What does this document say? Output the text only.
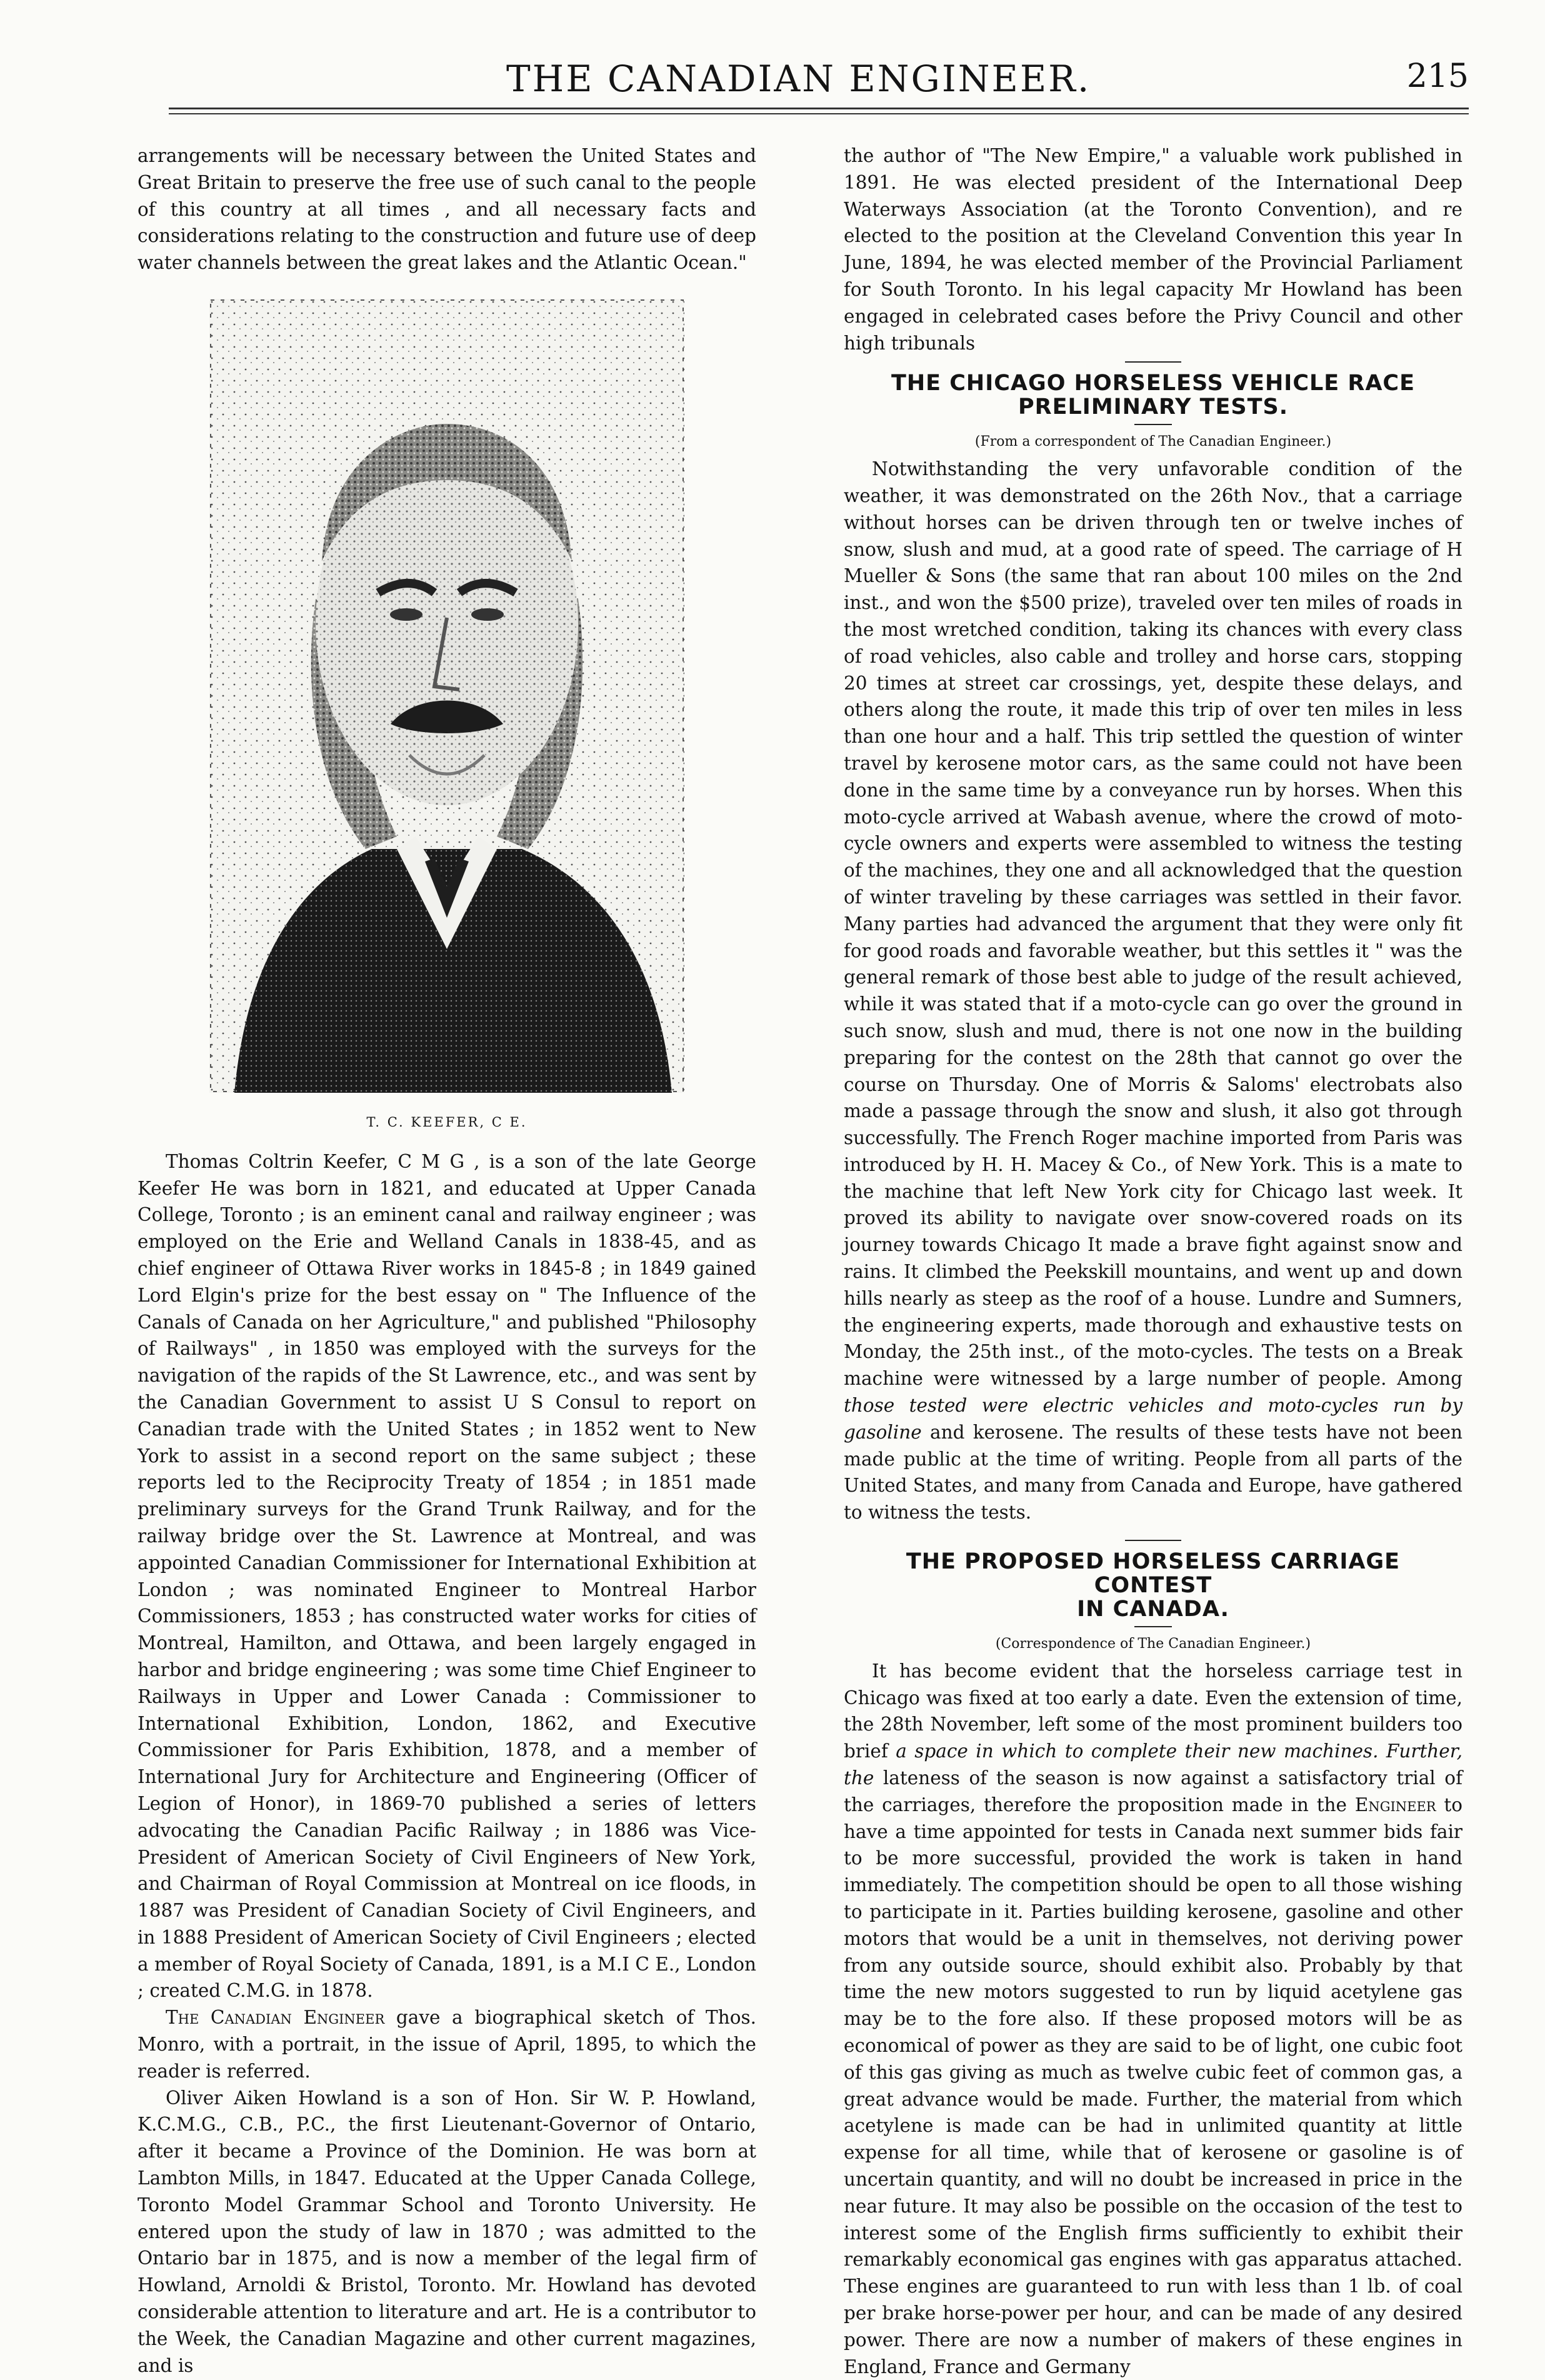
THE CANADIAN ENGINEER.	215

arrangements will be necessary between the United States and Great Britain to preserve the free use of such canal to the people of this country at all times , and all necessary facts and considerations relating to the construction and future use of deep water channels between the great lakes and the Atlantic Ocean."

T. C. KEEFER, C E.

Thomas Coltrin Keefer, C M G , is a son of the late George Keefer He was born in 1821, and educated at Upper Canada College, Toronto ; is an eminent canal and railway engineer ; was employed on the Erie and Welland Canals in 1838-45, and as chief engineer of Ottawa River works in 1845-8 ; in 1849 gained Lord Elgin's prize for the best essay on " The Influence of the Canals of Canada on her Agriculture," and published "Philosophy of Railways" , in 1850 was employed with the surveys for the navigation of the rapids of the St Lawrence, etc., and was sent by the Canadian Government to assist U S Consul to report on Canadian trade with the United States ; in 1852 went to New York to assist in a second report on the same subject ; these reports led to the Reciprocity Treaty of 1854 ; in 1851 made preliminary surveys for the Grand Trunk Railway, and for the railway bridge over the St. Lawrence at Montreal, and was appointed Canadian Commissioner for International Exhibition at London ; was nominated Engineer to Montreal Harbor Commissioners, 1853 ; has constructed water works for cities of Montreal, Hamilton, and Ottawa, and been largely engaged in harbor and bridge engineering ; was some time Chief Engineer to Railways in Upper and Lower Canada : Commissioner to International Exhibition, London, 1862, and Executive Commissioner for Paris Exhibition, 1878, and a member of International Jury for Architecture and Engineering (Officer of Legion of Honor), in 1869-70 published a series of letters advocating the Canadian Pacific Railway ; in 1886 was Vice-President of American Society of Civil Engineers of New York, and Chairman of Royal Commission at Montreal on ice floods, in 1887 was President of Canadian Society of Civil Engineers, and in 1888 President of American Society of Civil Engineers ; elected a member of Royal Society of Canada, 1891, is a M.I C E., London ; created C.M.G. in 1878.

The Canadian Engineer gave a biographical sketch of Thos. Monro, with a portrait, in the issue of April, 1895, to which the reader is referred.

Oliver Aiken Howland is a son of Hon. Sir W. P. Howland, K.C.M.G., C.B., P.C., the first Lieutenant-Governor of Ontario, after it became a Province of the Dominion. He was born at Lambton Mills, in 1847. Educated at the Upper Canada College, Toronto Model Grammar School and Toronto University. He entered upon the study of law in 1870 ; was admitted to the Ontario bar in 1875, and is now a member of the legal firm of Howland, Arnoldi & Bristol, Toronto. Mr. Howland has devoted considerable attention to literature and art. He is a contributor to the Week, the Canadian Magazine and other current magazines, and is

the author of "The New Empire," a valuable work published in 1891. He was elected president of the International Deep Waterways Association (at the Toronto Convention), and re elected to the position at the Cleveland Convention this year In June, 1894, he was elected member of the Provincial Parliament for South Toronto. In his legal capacity Mr Howland has been engaged in celebrated cases before the Privy Council and other high tribunals

THE CHICAGO HORSELESS VEHICLE RACE
PRELIMINARY TESTS.
(From a correspondent of The Canadian Engineer.)

Notwithstanding the very unfavorable condition of the weather, it was demonstrated on the 26th Nov., that a carriage without horses can be driven through ten or twelve inches of snow, slush and mud, at a good rate of speed. The carriage of H Mueller & Sons (the same that ran about 100 miles on the 2nd inst., and won the $500 prize), traveled over ten miles of roads in the most wretched condition, taking its chances with every class of road vehicles, also cable and trolley and horse cars, stopping 20 times at street car crossings, yet, despite these delays, and others along the route, it made this trip of over ten miles in less than one hour and a half. This trip settled the question of winter travel by kerosene motor cars, as the same could not have been done in the same time by a conveyance run by horses. When this moto-cycle arrived at Wabash avenue, where the crowd of moto-cycle owners and experts were assembled to witness the testing of the machines, they one and all acknowledged that the question of winter traveling by these carriages was settled in their favor. Many parties had advanced the argument that they were only fit for good roads and favorable weather, but this settles it " was the general remark of those best able to judge of the result achieved, while it was stated that if a moto-cycle can go over the ground in such snow, slush and mud, there is not one now in the building preparing for the contest on the 28th that cannot go over the course on Thursday. One of Morris & Saloms' electrobats also made a passage through the snow and slush, it also got through successfully. The French Roger machine imported from Paris was introduced by H. H. Macey & Co., of New York. This is a mate to the machine that left New York city for Chicago last week. It proved its ability to navigate over snow-covered roads on its journey towards Chicago It made a brave fight against snow and rains. It climbed the Peekskill mountains, and went up and down hills nearly as steep as the roof of a house. Lundre and Sumners, the engineering experts, made thorough and exhaustive tests on Monday, the 25th inst., of the moto-cycles. The tests on a Break machine were witnessed by a large number of people. Among those tested were electric vehicles and moto-cycles run by gasoline and kerosene. The results of these tests have not been made public at the time of writing. People from all parts of the United States, and many from Canada and Europe, have gathered to witness the tests.

THE PROPOSED HORSELESS CARRIAGE CONTEST
IN CANADA.
(Correspondence of The Canadian Engineer.)

It has become evident that the horseless carriage test in Chicago was fixed at too early a date. Even the extension of time, the 28th November, left some of the most prominent builders too brief a space in which to complete their new machines. Further, the lateness of the season is now against a satisfactory trial of the carriages, therefore the proposition made in the Engineer to have a time appointed for tests in Canada next summer bids fair to be more successful, provided the work is taken in hand immediately. The competition should be open to all those wishing to participate in it. Parties building kerosene, gasoline and other motors that would be a unit in themselves, not deriving power from any outside source, should exhibit also. Probably by that time the new motors suggested to run by liquid acetylene gas may be to the fore also. If these proposed motors will be as economical of power as they are said to be of light, one cubic foot of this gas giving as much as twelve cubic feet of common gas, a great advance would be made. Further, the material from which acetylene is made can be had in unlimited quantity at little expense for all time, while that of kerosene or gasoline is of uncertain quantity, and will no doubt be increased in price in the near future. It may also be possible on the occasion of the test to interest some of the English firms sufficiently to exhibit their remarkably economical gas engines with gas apparatus attached. These engines are guaranteed to run with less than 1 lb. of coal per brake horse-power per hour, and can be made of any desired power. There are now a number of makers of these engines in England, France and Germany
